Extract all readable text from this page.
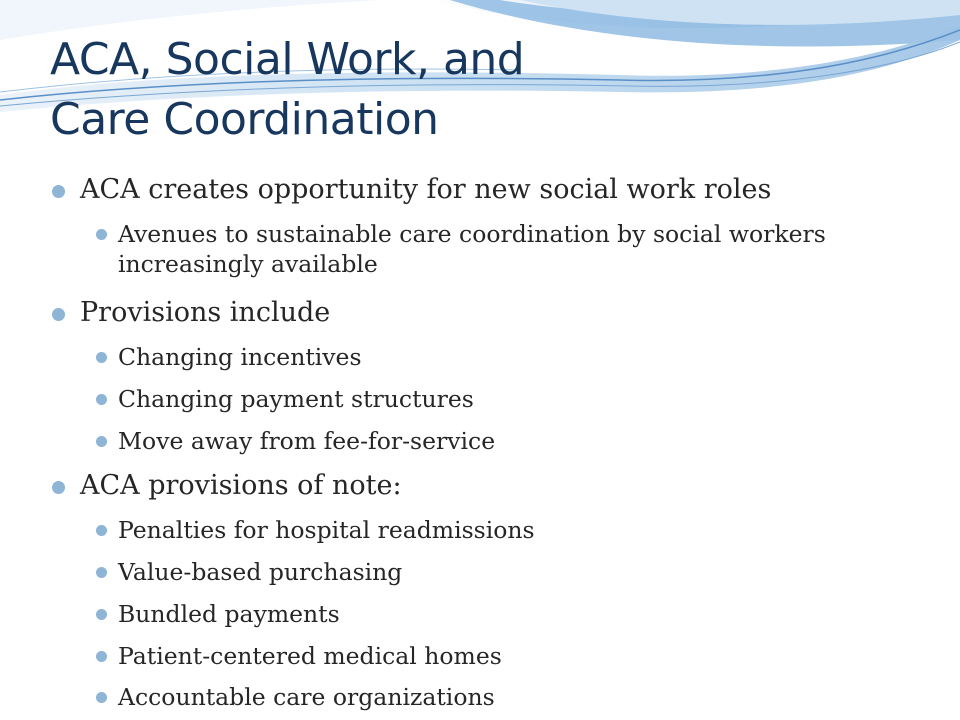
ACA, Social Work, and
Care Coordination
ACA creates opportunity for new social work roles
Avenues to sustainable care coordination by social workers
increasingly available
Provisions include
Changing incentives
Changing payment structures
Move away from fee-for-service
ACA provisions of note:
Penalties for hospital readmissions
Value-based purchasing
Bundled payments
Patient-centered medical homes
Accountable care organizations
